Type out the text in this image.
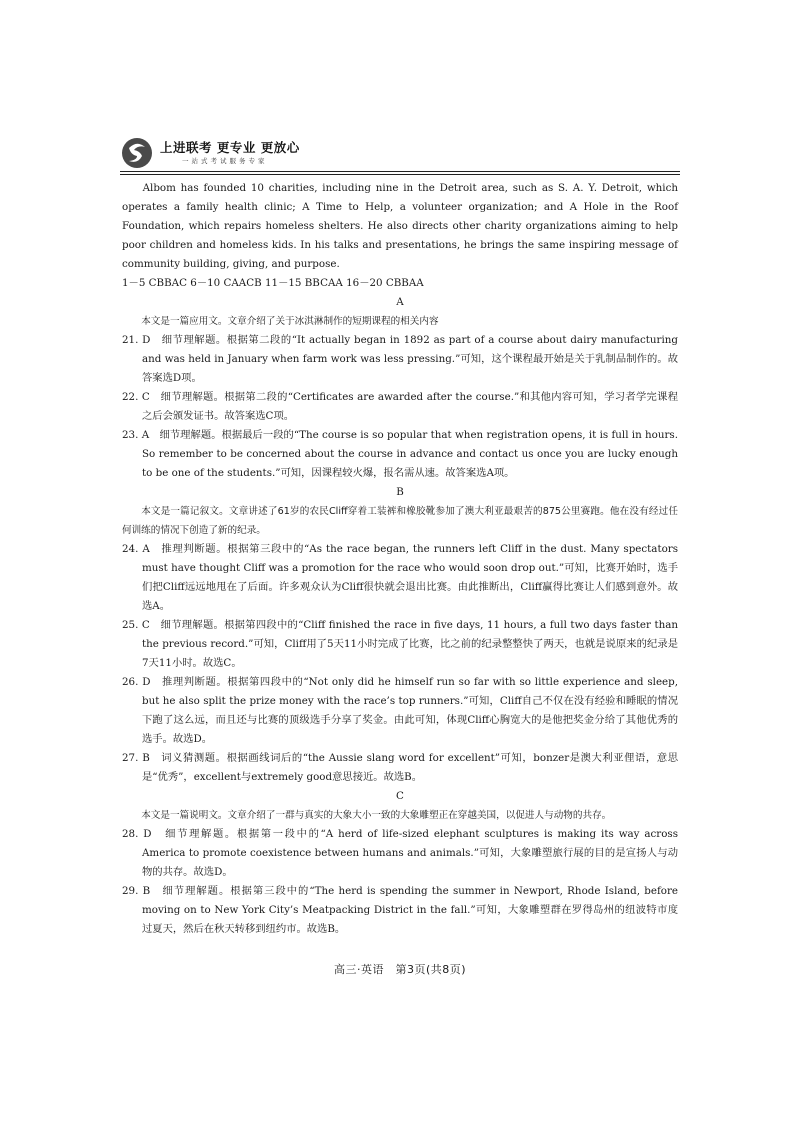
上进联考 更专业 更放心
一站式考试服务专家

Albom has founded 10 charities, including nine in the Detroit area, such as S. A. Y. Detroit, which operates a family health clinic; A Time to Help, a volunteer organization; and A Hole in the Roof Foundation, which repairs homeless shelters. He also directs other charity organizations aiming to help poor children and homeless kids. In his talks and presentations, he brings the same inspiring message of community building, giving, and purpose.

1－5 CBBAC 6－10 CAACB 11－15 BBCAA 16－20 CBBAA

A

本文是一篇应用文。文章介绍了关于冰淇淋制作的短期课程的相关内容

21. D　细节理解题。根据第二段的“It actually began in 1892 as part of a course about dairy manufacturing and was held in January when farm work was less pressing.”可知，这个课程最开始是关于乳制品制作的。故答案选D项。

22. C　细节理解题。根据第二段的“Certificates are awarded after the course.”和其他内容可知，学习者学完课程之后会颁发证书。故答案选C项。

23. A　细节理解题。根据最后一段的“The course is so popular that when registration opens, it is full in hours. So remember to be concerned about the course in advance and contact us once you are lucky enough to be one of the students.”可知，因课程较火爆，报名需从速。故答案选A项。

B

本文是一篇记叙文。文章讲述了61岁的农民Cliff穿着工装裤和橡胶靴参加了澳大利亚最艰苦的875公里赛跑。他在没有经过任何训练的情况下创造了新的纪录。

24. A　推理判断题。根据第三段中的“As the race began, the runners left Cliff in the dust. Many spectators must have thought Cliff was a promotion for the race who would soon drop out.”可知，比赛开始时，选手们把Cliff远远地甩在了后面。许多观众认为Cliff很快就会退出比赛。由此推断出，Cliff赢得比赛让人们感到意外。故选A。

25. C　细节理解题。根据第四段中的“Cliff finished the race in five days, 11 hours, a full two days faster than the previous record.”可知，Cliff用了5天11小时完成了比赛，比之前的纪录整整快了两天，也就是说原来的纪录是7天11小时。故选C。

26. D　推理判断题。根据第四段中的“Not only did he himself run so far with so little experience and sleep, but he also split the prize money with the race’s top runners.”可知，Cliff自己不仅在没有经验和睡眠的情况下跑了这么远，而且还与比赛的顶级选手分享了奖金。由此可知，体现Cliff心胸宽大的是他把奖金分给了其他优秀的选手。故选D。

27. B　词义猜测题。根据画线词后的“the Aussie slang word for excellent”可知，bonzer是澳大利亚俚语，意思是“优秀”，excellent与extremely good意思接近。故选B。

C

本文是一篇说明文。文章介绍了一群与真实的大象大小一致的大象雕塑正在穿越美国，以促进人与动物的共存。

28. D　细节理解题。根据第一段中的“A herd of life-sized elephant sculptures is making its way across America to promote coexistence between humans and animals.”可知，大象雕塑旅行展的目的是宣扬人与动物的共存。故选D。

29. B　细节理解题。根据第三段中的“The herd is spending the summer in Newport, Rhode Island, before moving on to New York City’s Meatpacking District in the fall.”可知，大象雕塑群在罗得岛州的纽波特市度过夏天，然后在秋天转移到纽约市。故选B。

高三·英语　第3页(共8页)
